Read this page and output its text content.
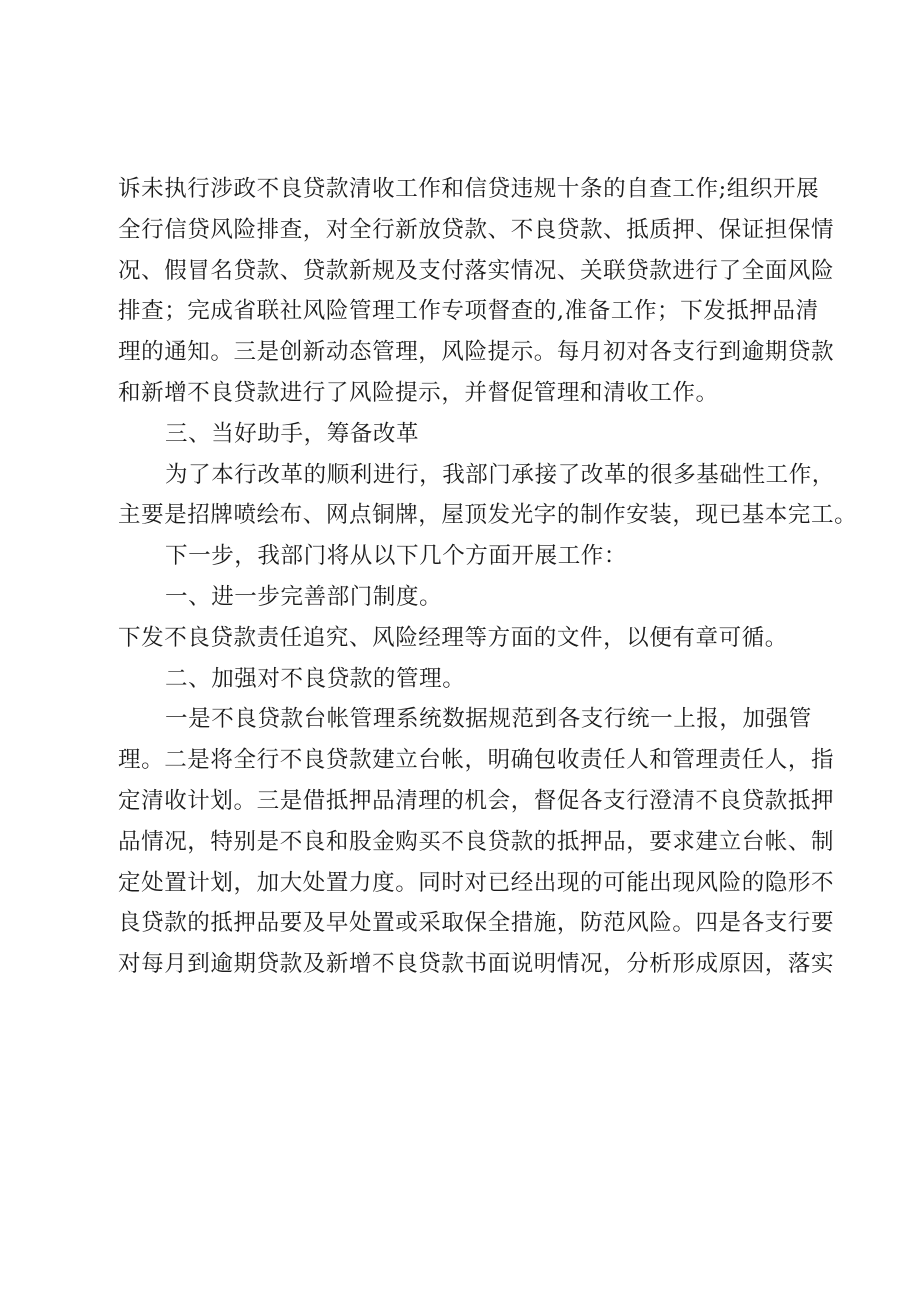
诉未执行涉政不良贷款清收工作和信贷违规十条的自查工作;组织开展
全行信贷风险排查，对全行新放贷款、不良贷款、抵质押、保证担保情
况、假冒名贷款、贷款新规及支付落实情况、关联贷款进行了全面风险
排查；完成省联社风险管理工作专项督查的,准备工作；下发抵押品清
理的通知。三是创新动态管理，风险提示。每月初对各支行到逾期贷款
和新增不良贷款进行了风险提示，并督促管理和清收工作。
三、当好助手，筹备改革
为了本行改革的顺利进行，我部门承接了改革的很多基础性工作，
主要是招牌喷绘布、网点铜牌，屋顶发光字的制作安装，现已基本完工。
下一步，我部门将从以下几个方面开展工作：
一、进一步完善部门制度。
下发不良贷款责任追究、风险经理等方面的文件，以便有章可循。
二、加强对不良贷款的管理。
一是不良贷款台帐管理系统数据规范到各支行统一上报，加强管
理。二是将全行不良贷款建立台帐，明确包收责任人和管理责任人，指
定清收计划。三是借抵押品清理的机会，督促各支行澄清不良贷款抵押
品情况，特别是不良和股金购买不良贷款的抵押品，要求建立台帐、制
定处置计划，加大处置力度。同时对已经出现的可能出现风险的隐形不
良贷款的抵押品要及早处置或采取保全措施，防范风险。四是各支行要
对每月到逾期贷款及新增不良贷款书面说明情况，分析形成原因，落实
